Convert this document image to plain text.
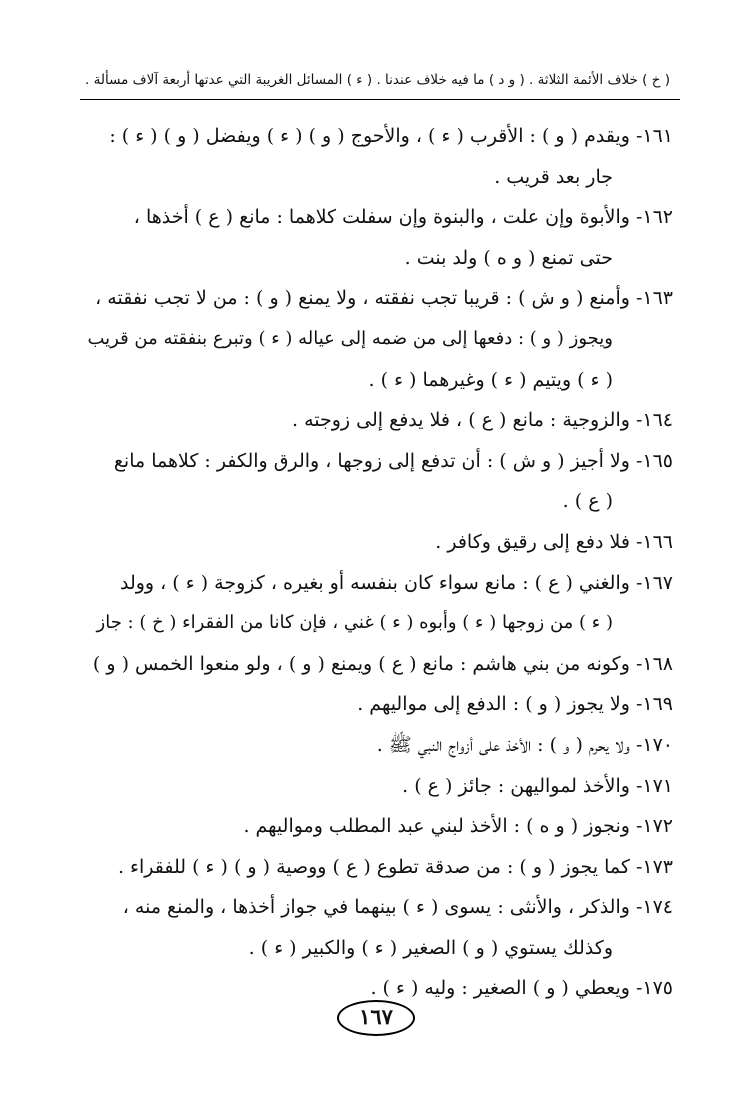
( خ ) خلاف الأئمة الثلاثة . ( و د ) ما فيه خلاف عندنا . ( ء ) المسائل الغريبة التي عدتها أربعة آلاف مسألة .
١٦١- ويقدم ( و ) : الأقرب ( ء ) ، والأحوج ( و ) ( ء ) ويفضل ( و ) ( ء ) :
جار بعد قريب .
١٦٢- والأبوة وإن علت ، والبنوة وإن سفلت كلاهما : مانع ( ع ) أخذها ،
حتى تمنع ( و ه ) ولد بنت .
١٦٣- وأمنع ( و ش ) : قريبا تجب نفقته ، ولا يمنع ( و ) : من لا تجب نفقته ،
ويجوز ( و ) : دفعها إلى من ضمه إلى عياله ( ء ) وتبرع بنفقته من قريب
( ء ) ويتيم ( ء ) وغيرهما ( ء ) .
١٦٤- والزوجية : مانع ( ع ) ، فلا يدفع إلى زوجته .
١٦٥- ولا أجيز ( و ش ) : أن تدفع إلى زوجها ، والرق والكفر : كلاهما مانع
( ع ) .
١٦٦- فلا دفع إلى رقيق وكافر .
١٦٧- والغني ( ع ) : مانع سواء كان بنفسه أو بغيره ، كزوجة ( ء ) ، وولد
( ء ) من زوجها ( ء ) وأبوه ( ء ) غني ، فإن كانا من الفقراء ( خ ) : جاز
١٦٨- وكونه من بني هاشم : مانع ( ع ) ويمنع ( و ) ، ولو منعوا الخمس ( و )
١٦٩- ولا يجوز ( و ) : الدفع إلى مواليهم .
١٧٠- ولا يحرم ( و ) : الأخذ على أزواج النبي ﷺ .
١٧١- والأخذ لمواليهن : جائز ( ع ) .
١٧٢- ونجوز ( و ه ) : الأخذ لبني عبد المطلب ومواليهم .
١٧٣- كما يجوز ( و ) : من صدقة تطوع ( ع ) ووصية ( و ) ( ء ) للفقراء .
١٧٤- والذكر ، والأنثى : يسوى ( ء ) بينهما في جواز أخذها ، والمنع منه ،
وكذلك يستوي ( و ) الصغير ( ء ) والكبير ( ء ) .
١٧٥- ويعطي ( و ) الصغير : وليه ( ء ) .
١٦٧
